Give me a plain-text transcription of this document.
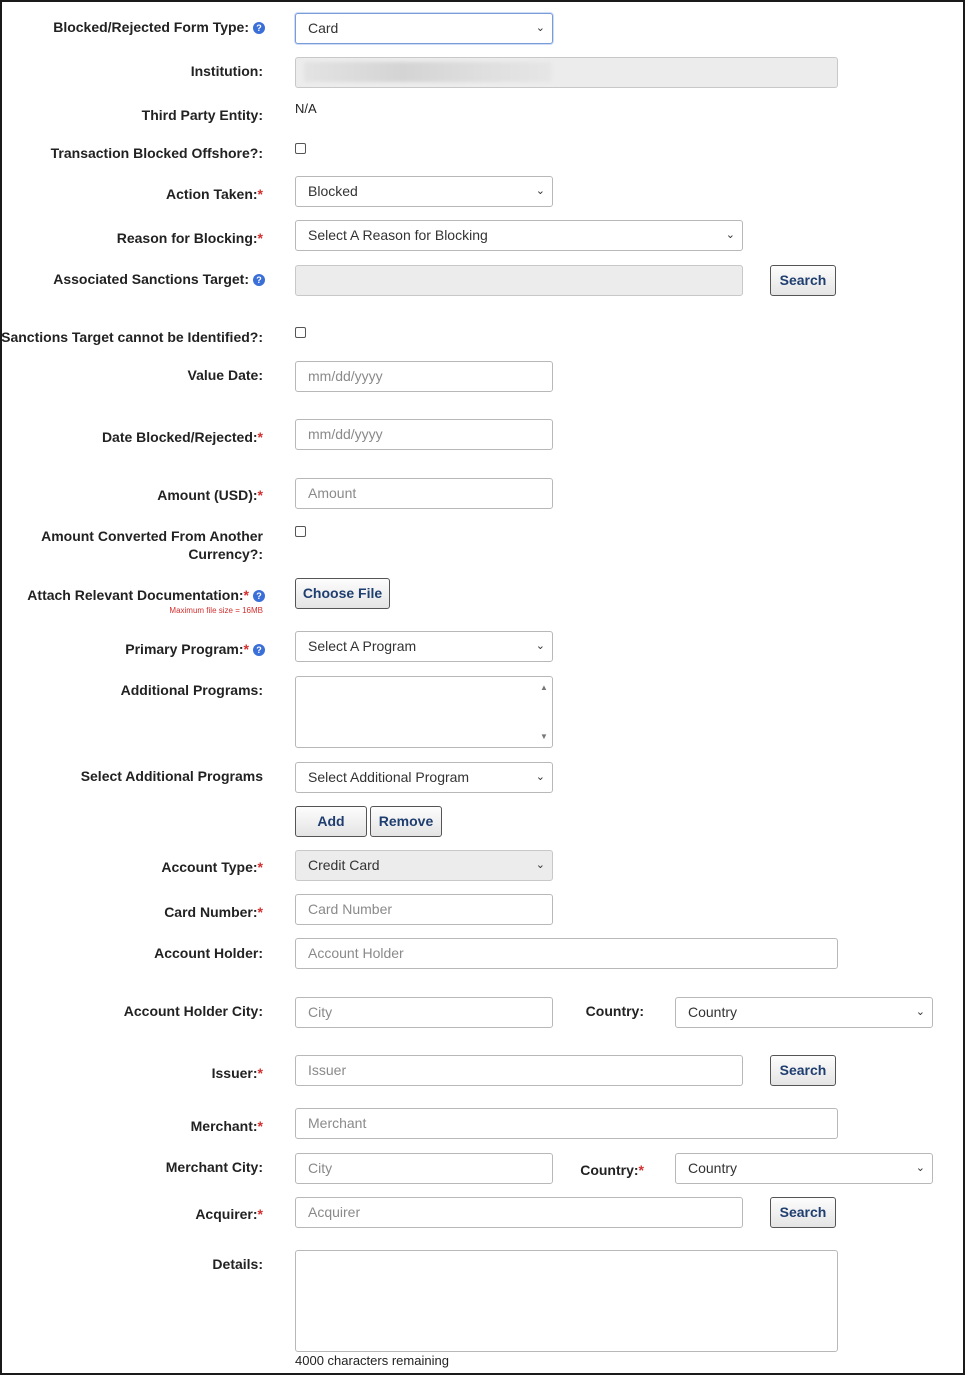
Blocked/Rejected Form Type: ?	Card	⌄
Institution:
Third Party Entity: N/A
Transaction Blocked Offshore?:
Action Taken:*	Blocked	⌄
Reason for Blocking:*	Select A Reason for Blocking	⌄
Associated Sanctions Target: ?	Search
Sanctions Target cannot be Identified?:
Value Date:	mm/dd/yyyy
Date Blocked/Rejected:*	mm/dd/yyyy
Amount (USD):*	Amount
Amount Converted From Another
Currency?:
Attach Relevant Documentation:* ?
Maximum file size = 16MB
Choose File
Primary Program:* ?	Select A Program	⌄
Additional Programs:	▲
▼
Select Additional Programs	Select Additional Program	⌄
Add	Remove
Account Type:*	Credit Card	⌄
Card Number:*	Card Number
Account Holder:	Account Holder
Account Holder City:	City	Country:	Country	⌄
Issuer:*	Issuer	Search
Merchant:*	Merchant
Merchant City:	City	Country:*	Country	⌄
Acquirer:*	Acquirer	Search
Details:
4000 characters remaining
